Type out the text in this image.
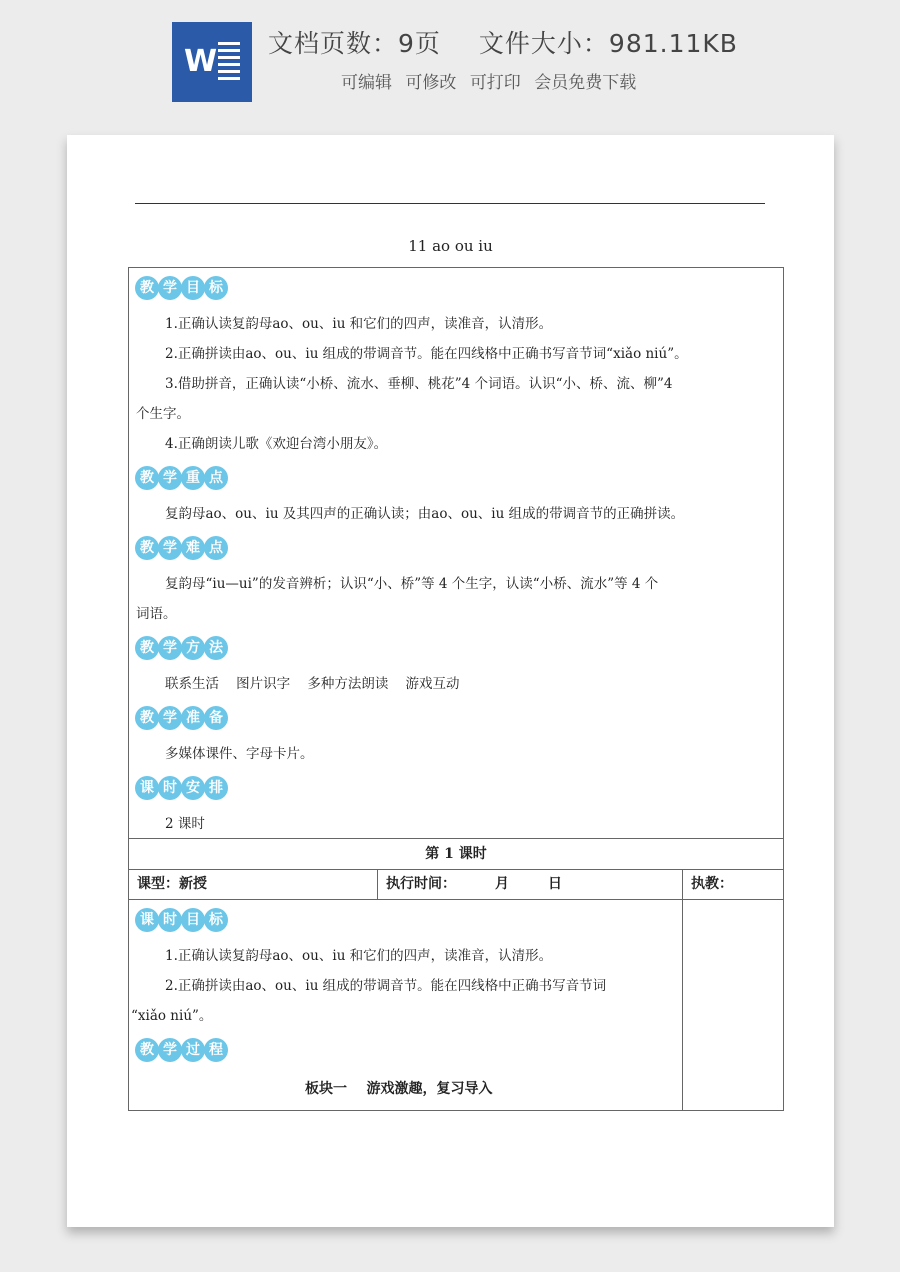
W
文档页数：9页 文件大小：981.11KB
可编辑 可修改 可打印 会员免费下载
11 ao ou iu
教 学 目 标
1.正确认读复韵母ao、ou、iu 和它们的四声，读准音，认清形。
2.正确拼读由ao、ou、iu 组成的带调音节。能在四线格中正确书写音节词“xiǎo niú”。
3.借助拼音，正确认读“小桥、流水、垂柳、桃花”4 个词语。认识“小、桥、流、柳”4
个生字。
4.正确朗读儿歌《欢迎台湾小朋友》。
教 学 重 点
复韵母ao、ou、iu 及其四声的正确认读；由ao、ou、iu 组成的带调音节的正确拼读。
教 学 难 点
复韵母“iu—ui”的发音辨析；认识“小、桥”等 4 个生字，认读“小桥、流水”等 4 个
词语。
教 学 方 法
联系生活    图片识字    多种方法朗读    游戏互动
教 学 准 备
多媒体课件、字母卡片。
课 时 安 排
2 课时
第 1 课时
课型：新授	执行时间：        月        日	执教：
课 时 目 标
1.正确认读复韵母ao、ou、iu 和它们的四声，读准音，认清形。
2.正确拼读由ao、ou、iu 组成的带调音节。能在四线格中正确书写音节词
“xiǎo niú”。
教 学 过 程
板块一    游戏激趣，复习导入
